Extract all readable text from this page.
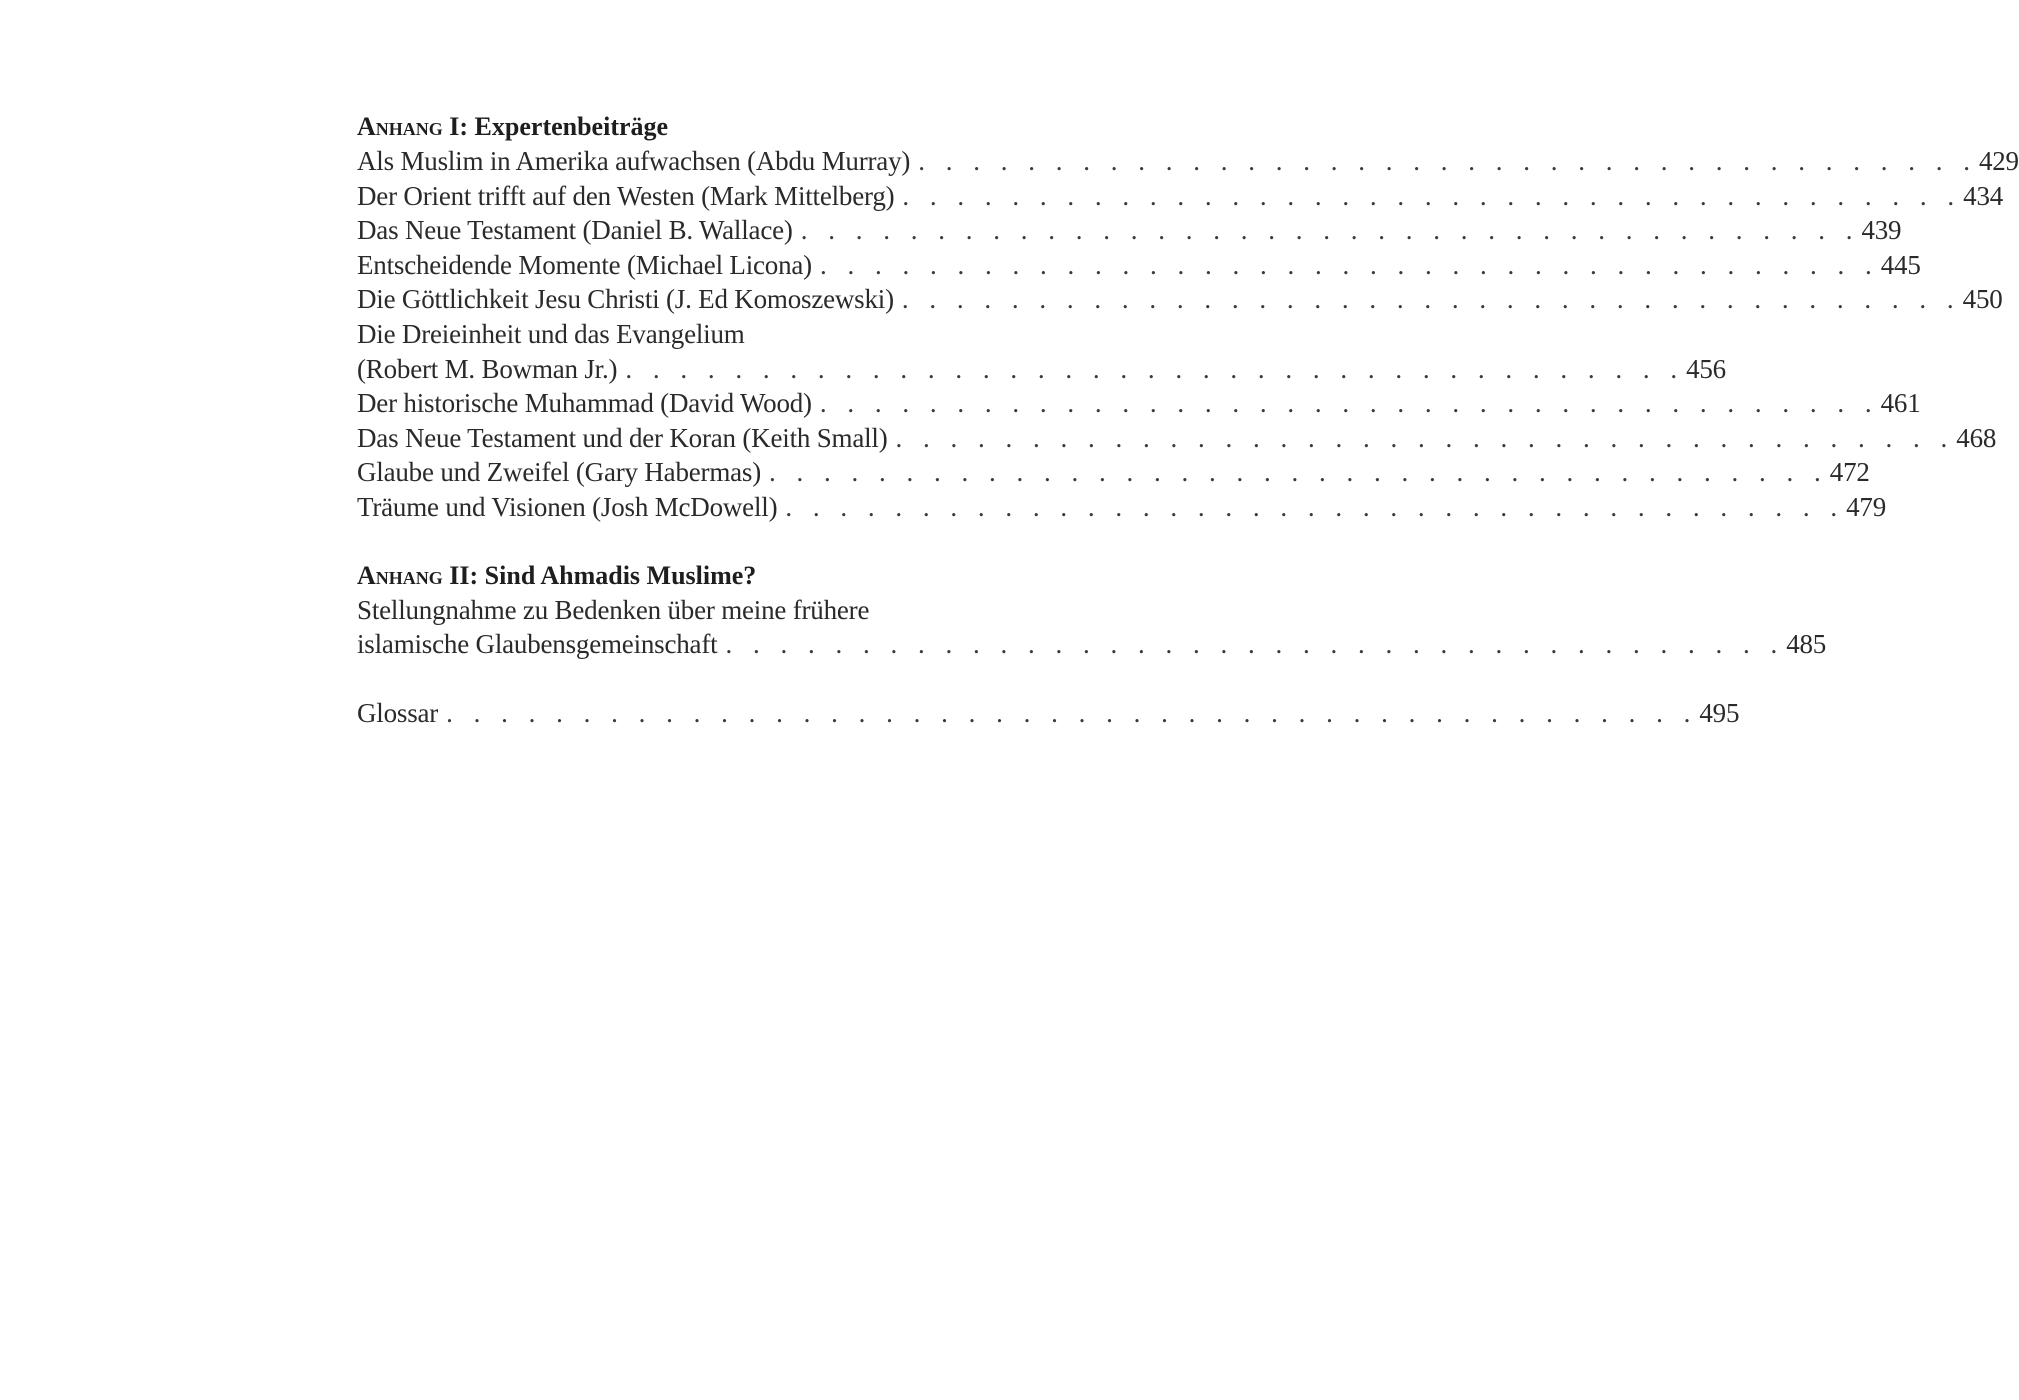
Anhang I: Expertenbeiträge
Als Muslim in Amerika aufwachsen (Abdu Murray) . . . . . . . . . . . . . . . . . . . . . . . . . . . . . . . . . . . . . . . 429
Der Orient trifft auf den Westen (Mark Mittelberg) . . . . . . . . . . . . . . . . . . . . . . . . . . . . . . . . . . . . . . . 434
Das Neue Testament (Daniel B. Wallace) . . . . . . . . . . . . . . . . . . . . . . . . . . . . . . . . . . . . . . . 439
Entscheidende Momente (Michael Licona) . . . . . . . . . . . . . . . . . . . . . . . . . . . . . . . . . . . . . . . 445
Die Göttlichkeit Jesu Christi (J. Ed Komoszewski) . . . . . . . . . . . . . . . . . . . . . . . . . . . . . . . . . . . . . . . 450
Die Dreieinheit und das Evangelium
(Robert M. Bowman Jr.) . . . . . . . . . . . . . . . . . . . . . . . . . . . . . . . . . . . . . . . 456
Der historische Muhammad (David Wood) . . . . . . . . . . . . . . . . . . . . . . . . . . . . . . . . . . . . . . . 461
Das Neue Testament und der Koran (Keith Small) . . . . . . . . . . . . . . . . . . . . . . . . . . . . . . . . . . . . . . . 468
Glaube und Zweifel (Gary Habermas) . . . . . . . . . . . . . . . . . . . . . . . . . . . . . . . . . . . . . . . 472
Träume und Visionen (Josh McDowell) . . . . . . . . . . . . . . . . . . . . . . . . . . . . . . . . . . . . . . . 479
Anhang II: Sind Ahmadis Muslime?
Stellungnahme zu Bedenken über meine frühere
islamische Glaubensgemeinschaft . . . . . . . . . . . . . . . . . . . . . . . . . . . . . . . . . . . . . . . 485
Glossar . . . . . . . . . . . . . . . . . . . . . . . . . . . . . . . . . . . . . . . . . . . . . . 495
